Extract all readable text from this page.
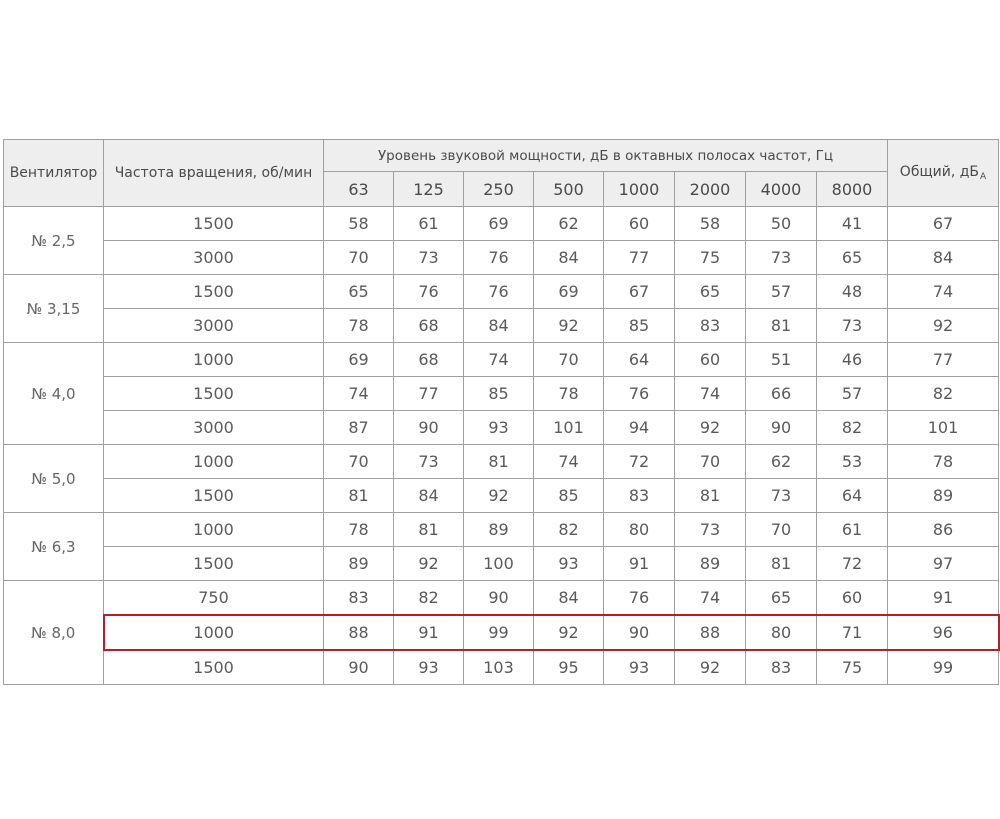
Вентилятор	Частота вращения, об/мин	Уровень звуковой мощности, дБ в октавных полосах частот, Гц								Общий, $дБ_А$
		63	125	250	500	1000	2000	4000	8000	
№ 2,5	1500	58	61	69	62	60	58	50	41	67
	3000	70	73	76	84	77	75	73	65	84
№ 3,15	1500	65	76	76	69	67	65	57	48	74
	3000	78	68	84	92	85	83	81	73	92
№ 4,0	1000	69	68	74	70	64	60	51	46	77
	1500	74	77	85	78	76	74	66	57	82
	3000	87	90	93	101	94	92	90	82	101
№ 5,0	1000	70	73	81	74	72	70	62	53	78
	1500	81	84	92	85	83	81	73	64	89
№ 6,3	1000	78	81	89	82	80	73	70	61	86
	1500	89	92	100	93	91	89	81	72	97
№ 8,0	750	83	82	90	84	76	74	65	60	91
	1000	88	91	99	92	90	88	80	71	96
	1500	90	93	103	95	93	92	83	75	99
